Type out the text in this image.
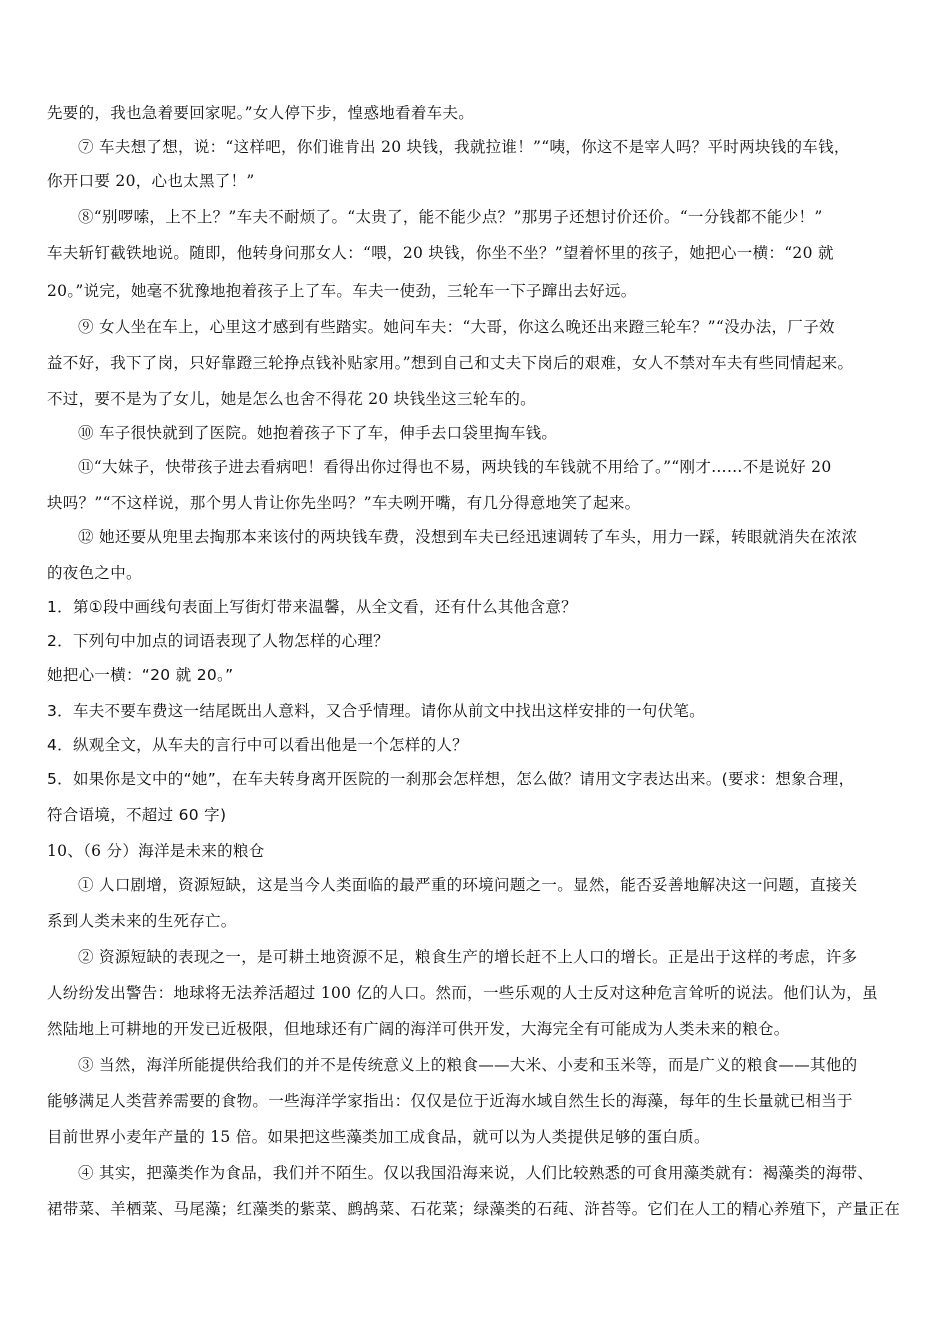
先要的，我也急着要回家呢。”女人停下步，惶惑地看着车夫。
⑦ 车夫想了想，说：“这样吧，你们谁肯出 20 块钱，我就拉谁！”“咦，你这不是宰人吗？平时两块钱的车钱，
你开口要 20，心也太黑了！”
⑧“别啰嗦，上不上？”车夫不耐烦了。“太贵了，能不能少点？”那男子还想讨价还价。“一分钱都不能少！”
车夫斩钉截铁地说。随即，他转身问那女人：“喂，20 块钱，你坐不坐？”望着怀里的孩子，她把心一横：“20 就
20。”说完，她毫不犹豫地抱着孩子上了车。车夫一使劲，三轮车一下子蹿出去好远。
⑨ 女人坐在车上，心里这才感到有些踏实。她问车夫：“大哥，你这么晚还出来蹬三轮车？”“没办法，厂子效
益不好，我下了岗，只好靠蹬三轮挣点钱补贴家用。”想到自己和丈夫下岗后的艰难，女人不禁对车夫有些同情起来。
不过，要不是为了女儿，她是怎么也舍不得花 20 块钱坐这三轮车的。
⑩ 车子很快就到了医院。她抱着孩子下了车，伸手去口袋里掏车钱。
⑪“大妹子，快带孩子进去看病吧！看得出你过得也不易，两块钱的车钱就不用给了。”“刚才……不是说好 20
块吗？”“不这样说，那个男人肯让你先坐吗？”车夫咧开嘴，有几分得意地笑了起来。
⑫ 她还要从兜里去掏那本来该付的两块钱车费，没想到车夫已经迅速调转了车头，用力一踩，转眼就消失在浓浓
的夜色之中。
1．第①段中画线句表面上写街灯带来温馨，从全文看，还有什么其他含意？
2．下列句中加点的词语表现了人物怎样的心理？
她把心一横：“20 就 20。”
3．车夫不要车费这一结尾既出人意料，又合乎情理。请你从前文中找出这样安排的一句伏笔。
4．纵观全文，从车夫的言行中可以看出他是一个怎样的人？
5．如果你是文中的“她”，在车夫转身离开医院的一刹那会怎样想，怎么做？请用文字表达出来。(要求：想象合理，
符合语境，不超过 60 字)
10、（6 分）海洋是未来的粮仓
① 人口剧增，资源短缺，这是当今人类面临的最严重的环境问题之一。显然，能否妥善地解决这一问题，直接关
系到人类未来的生死存亡。
② 资源短缺的表现之一，是可耕土地资源不足，粮食生产的增长赶不上人口的增长。正是出于这样的考虑，许多
人纷纷发出警告：地球将无法养活超过 100 亿的人口。然而，一些乐观的人士反对这种危言耸听的说法。他们认为，虽
然陆地上可耕地的开发已近极限，但地球还有广阔的海洋可供开发，大海完全有可能成为人类未来的粮仓。
③ 当然，海洋所能提供给我们的并不是传统意义上的粮食——大米、小麦和玉米等，而是广义的粮食——其他的
能够满足人类营养需要的食物。一些海洋学家指出：仅仅是位于近海水域自然生长的海藻，每年的生长量就已相当于
目前世界小麦年产量的 15 倍。如果把这些藻类加工成食品，就可以为人类提供足够的蛋白质。
④ 其实，把藻类作为食品，我们并不陌生。仅以我国沿海来说，人们比较熟悉的可食用藻类就有：褐藻类的海带、
裙带菜、羊栖菜、马尾藻；红藻类的紫菜、鹧鸪菜、石花菜；绿藻类的石莼、浒苔等。它们在人工的精心养殖下，产量正在
